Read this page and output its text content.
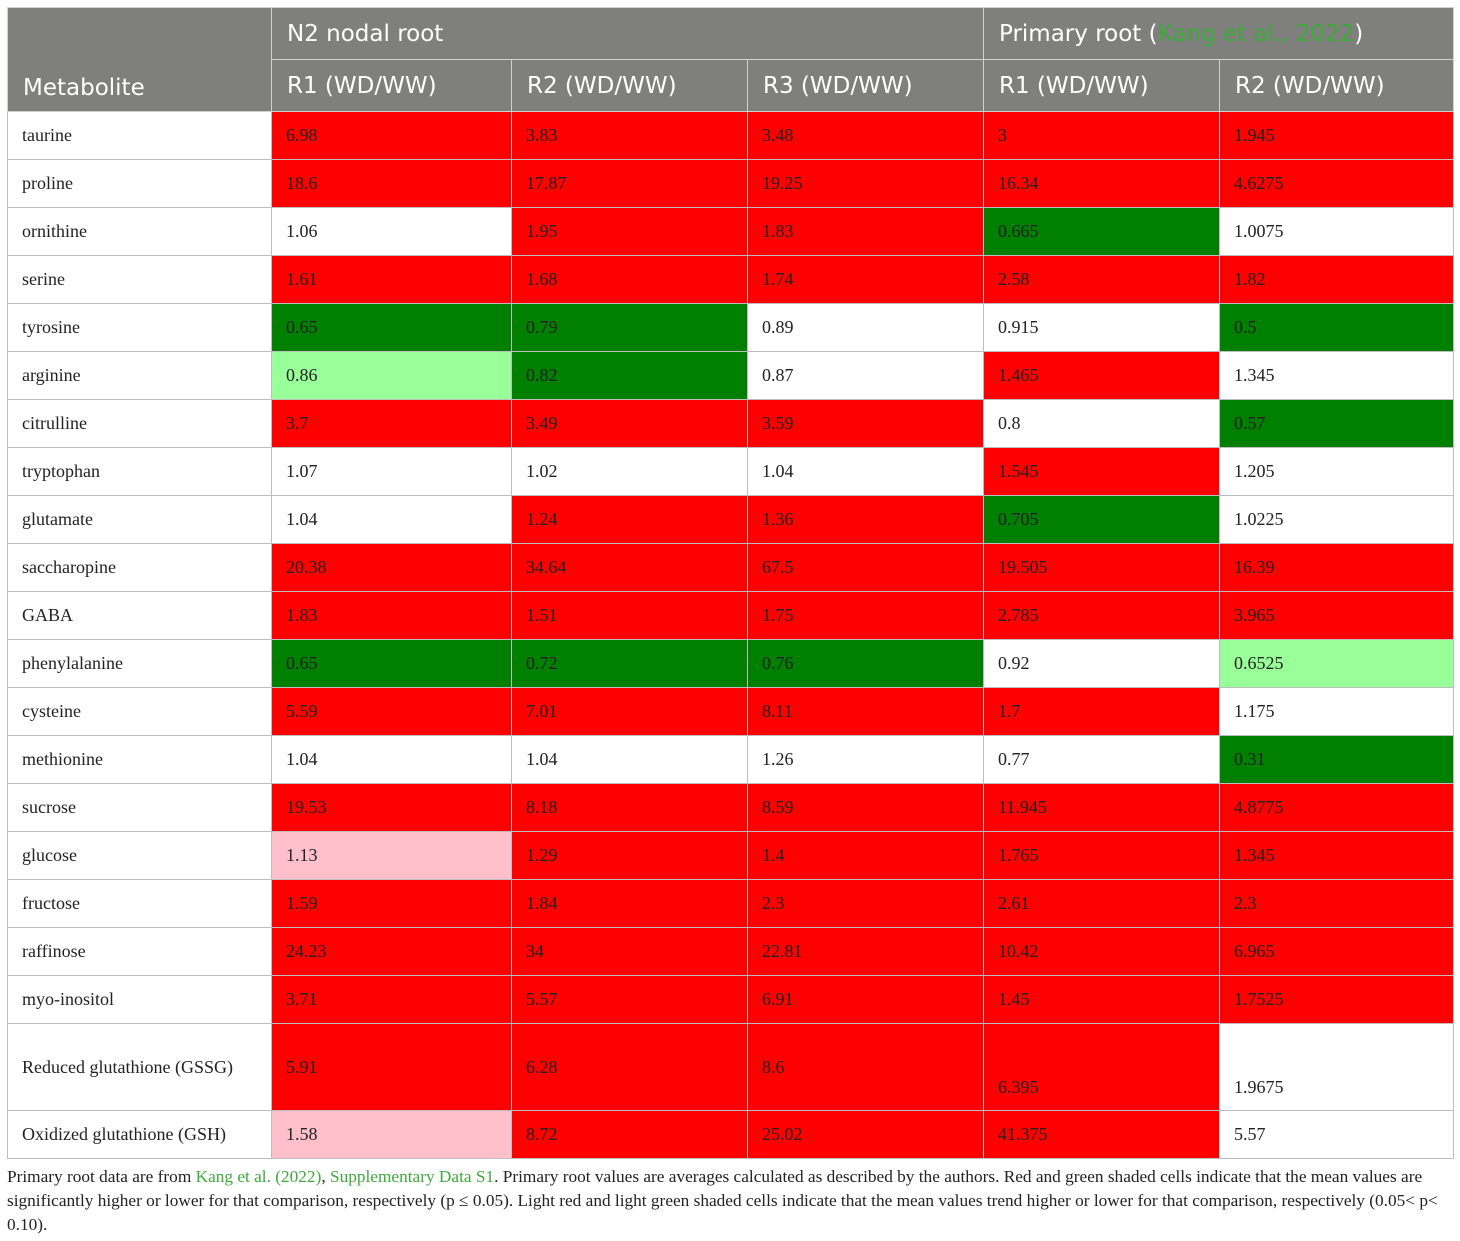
Metabolite	N2 nodal root			Primary root (Kang et al., 2022)	
	R1 (WD/WW)	R2 (WD/WW)	R3 (WD/WW)	R1 (WD/WW)	R2 (WD/WW)
taurine	6.98	3.83	3.48	3	1.945
proline	18.6	17.87	19.25	16.34	4.6275
ornithine	1.06	1.95	1.83	0.665	1.0075
serine	1.61	1.68	1.74	2.58	1.82
tyrosine	0.65	0.79	0.89	0.915	0.5
arginine	0.86	0.82	0.87	1.465	1.345
citrulline	3.7	3.49	3.59	0.8	0.57
tryptophan	1.07	1.02	1.04	1.545	1.205
glutamate	1.04	1.24	1.36	0.705	1.0225
saccharopine	20.38	34.64	67.5	19.505	16.39
GABA	1.83	1.51	1.75	2.785	3.965
phenylalanine	0.65	0.72	0.76	0.92	0.6525
cysteine	5.59	7.01	8.11	1.7	1.175
methionine	1.04	1.04	1.26	0.77	0.31
sucrose	19.53	8.18	8.59	11.945	4.8775
glucose	1.13	1.29	1.4	1.765	1.345
fructose	1.59	1.84	2.3	2.61	2.3
raffinose	24.23	34	22.81	10.42	6.965
myo-inositol	3.71	5.57	6.91	1.45	1.7525
Reduced glutathione (GSSG)	5.91	6.28	8.6	6.395	1.9675
Oxidized glutathione (GSH)	1.58	8.72	25.02	41.375	5.57
Primary root data are from Kang et al. (2022), Supplementary Data S1. Primary root values are averages calculated as described by the authors. Red and green shaded cells indicate that the mean values are significantly higher or lower for that comparison, respectively (p ≤ 0.05). Light red and light green shaded cells indicate that the mean values trend higher or lower for that comparison, respectively (0.05< p< 0.10).
